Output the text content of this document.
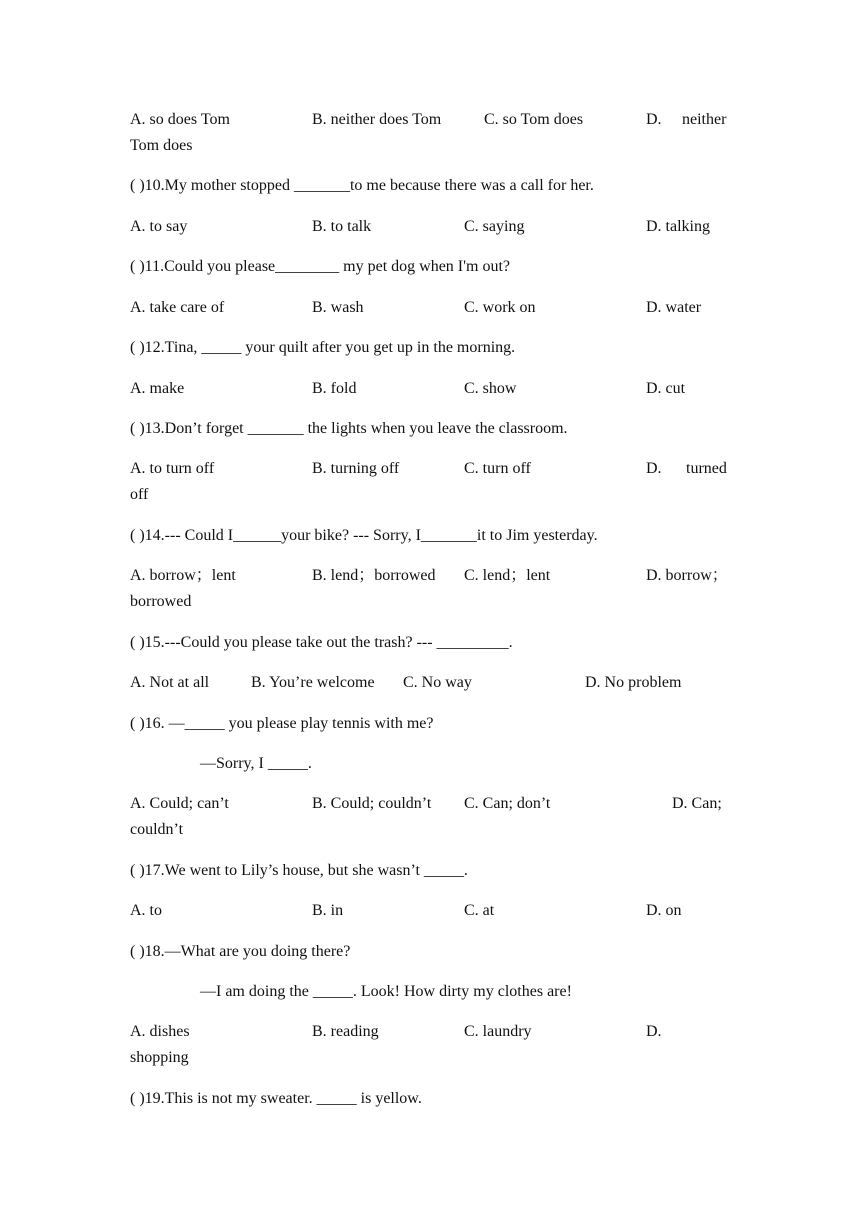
A. so does Tom	B. neither does Tom	C. so Tom does	D. neither
Tom does
( )10.My mother stopped _______to me because there was a call for her.
A. to say	B. to talk	C. saying	D. talking
( )11.Could you please________ my pet dog when I'm out?
A. take care of	B. wash	C. work on	D. water
( )12.Tina, _____ your quilt after you get up in the morning.
A. make	B. fold	C. show	D. cut
( )13.Don’t forget _______ the lights when you leave the classroom.
A. to turn off	B. turning off	C. turn off	D. turned
off
( )14.--- Could I______your bike? --- Sorry, I_______it to Jim yesterday.
A. borrow；lent	B. lend；borrowed C. lend；lent	D. borrow；
borrowed
( )15.---Could you please take out the trash? --- _________.
A. Not at all	B. You’re welcome C. No way	D. No problem
( )16. —_____ you please play tennis with me?
—Sorry, I _____.
A. Could; can’t	B. Could; couldn’t C. Can; don’t	D. Can;
couldn’t
( )17.We went to Lily’s house, but she wasn’t _____.
A. to	B. in	C. at	D. on
( )18.—What are you doing there?
—I am doing the _____. Look! How dirty my clothes are!
A. dishes	B. reading	C. laundry	D.
shopping
( )19.This is not my sweater. _____ is yellow.
